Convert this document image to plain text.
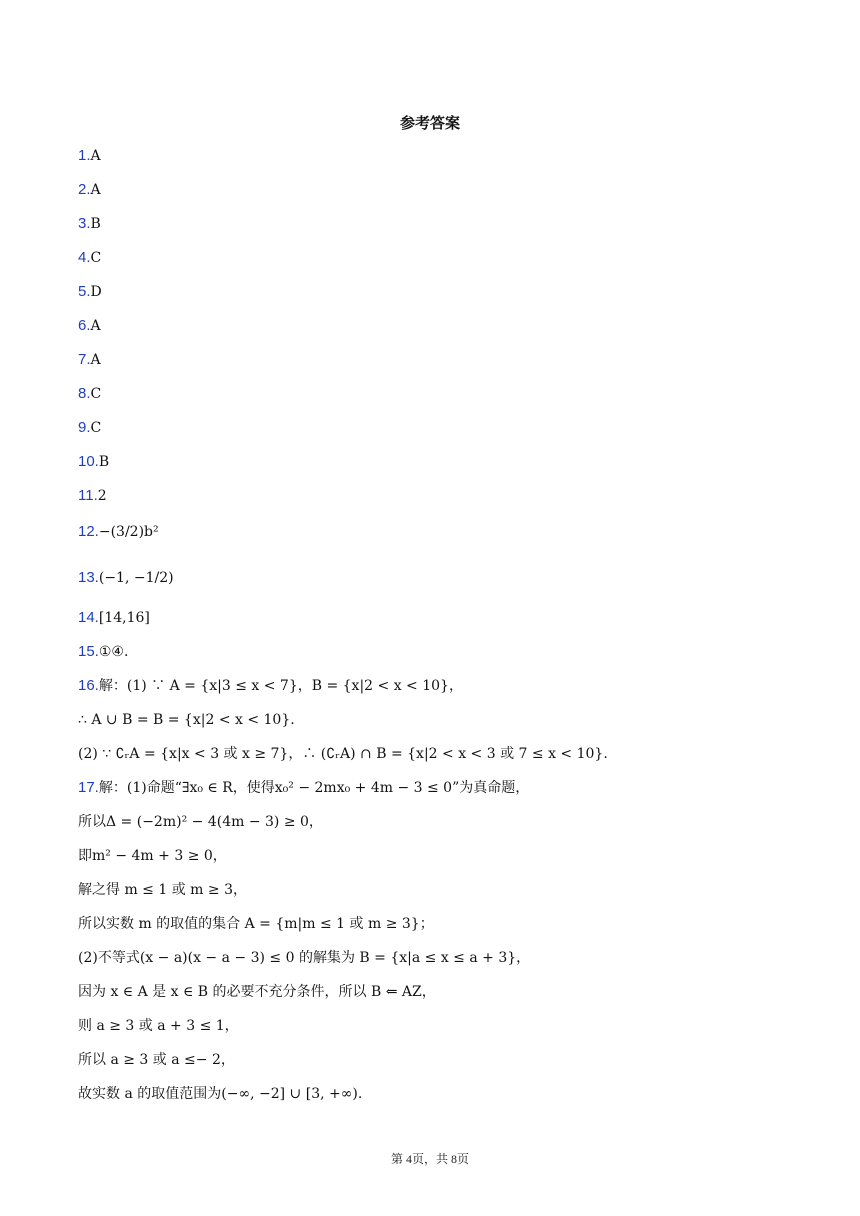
参考答案
1.A
2.A
3.B
4.C
5.D
6.A
7.A
8.C
9.C
10.B
11.2
12.−(3/2)b²
13.(−1, −1/2)
14.[14,16]
15.①④.
16.解：(1) ∵ A = {x|3 ≤ x < 7}，B = {x|2 < x < 10}，
∴ A ∪ B = B = {x|2 < x < 10}.
(2) ∵ ∁ᵣA = {x|x < 3 或 x ≥ 7}，∴ (∁ᵣA) ∩ B = {x|2 < x < 3 或 7 ≤ x < 10}.
17.解：(1)命题“∃x₀ ∈ R，使得x₀² − 2mx₀ + 4m − 3 ≤ 0”为真命题，
所以Δ = (−2m)² − 4(4m − 3) ≥ 0，
即m² − 4m + 3 ≥ 0，
解之得 m ≤ 1 或 m ≥ 3，
所以实数 m 的取值的集合 A = {m|m ≤ 1 或 m ≥ 3}；
(2)不等式(x − a)(x − a − 3) ≤ 0 的解集为 B = {x|a ≤ x ≤ a + 3}，
因为 x ∈ A 是 x ∈ B 的必要不充分条件，所以 B ⇐ AZ，
则 a ≥ 3 或 a + 3 ≤ 1，
所以 a ≥ 3 或 a ≤− 2，
故实数 a 的取值范围为(−∞, −2] ∪ [3, +∞).
第 4页，共 8页
